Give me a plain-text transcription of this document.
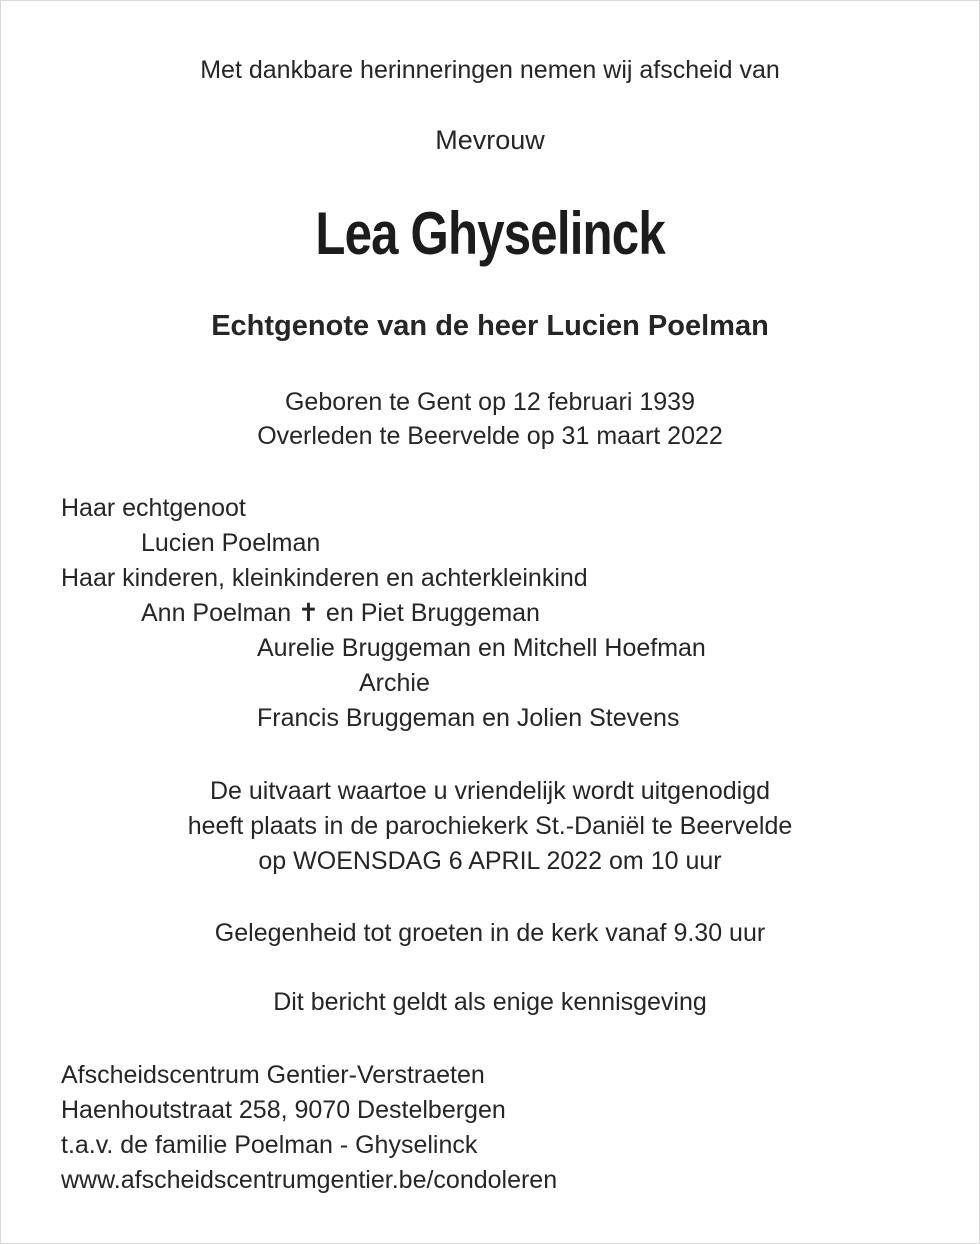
Met dankbare herinneringen nemen wij afscheid van

Mevrouw

Lea Ghyselinck

Echtgenote van de heer Lucien Poelman

Geboren te Gent op 12 februari 1939

Overleden te Beervelde op 31 maart 2022

Haar echtgenoot

Lucien Poelman

Haar kinderen, kleinkinderen en achterkleinkind

Ann Poelman ✝ en Piet Bruggeman

Aurelie Bruggeman en Mitchell Hoefman

Archie

Francis Bruggeman en Jolien Stevens

De uitvaart waartoe u vriendelijk wordt uitgenodigd

heeft plaats in de parochiekerk St.-Daniël te Beervelde

op WOENSDAG 6 APRIL 2022 om 10 uur

Gelegenheid tot groeten in de kerk vanaf 9.30 uur

Dit bericht geldt als enige kennisgeving

Afscheidscentrum Gentier-Verstraeten

Haenhoutstraat 258, 9070 Destelbergen

t.a.v. de familie Poelman - Ghyselinck

www.afscheidscentrumgentier.be/condoleren
